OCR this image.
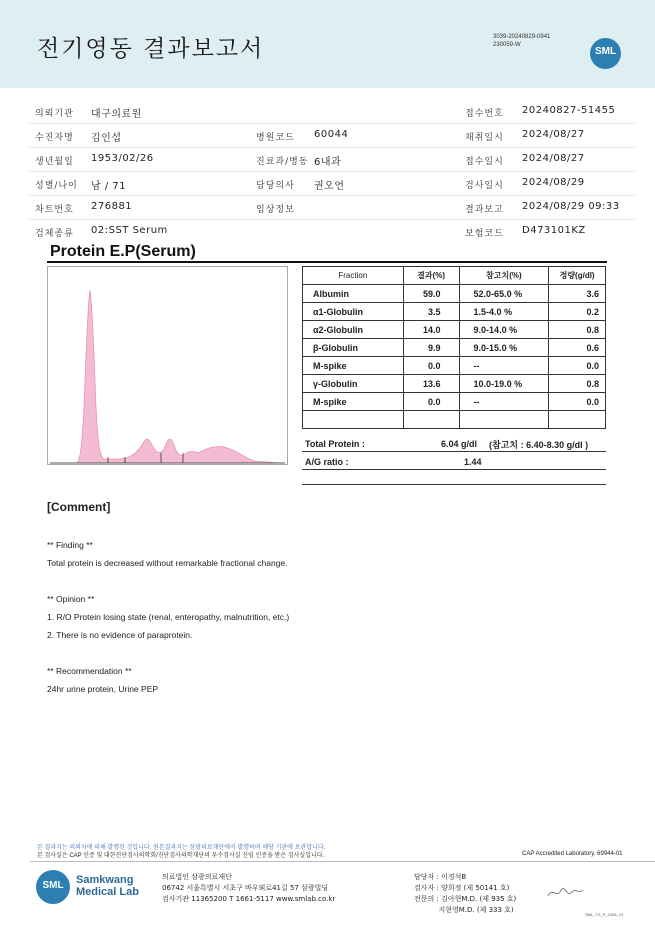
전기영동 결과보고서	3039-20240829-0941
230059-W
SML
의뢰기관 대구의료원	접수번호 20240827-51455
수진자명 김인섭	병원코드 60044	채취일시 2024/08/27
생년월일 1953/02/26	진료과/병동 6내과	접수일시 2024/08/27
성별/나이 남 / 71	담당의사 권오언	검사일시 2024/08/29
차트번호 276881	임상정보	결과보고 2024/08/29 09:33
검체종류 02:SST Serum	보험코드 D473101KZ
Protein E.P(Serum)
Fraction	결과(%)	참고치(%)	정량(g/dl)
Albumin	59.0	52.0-65.0 %	3.6
α1-Globulin	3.5	1.5-4.0 %	0.2
α2-Globulin	14.0	9.0-14.0 %	0.8
β-Globulin	9.9	9.0-15.0 %	0.6
M-spike	0.0	--	0.0
γ-Globulin	13.6	10.0-19.0 %	0.8
M-spike	0.0	--	0.0

Total Protein :	6.04 g/dl (참고치 : 6.40-8.30 g/dl )
A/G ratio :	1.44
[Comment]
** Finding **
Total protein is decreased without remarkable fractional change.
** Opinion **
1. R/O Protein losing state (renal, enteropathy, malnutrition, etc.)
2. There is no evidence of paraprotein.
** Recommendation **
24hr urine protein, Urine PEP
본 결과지는 의뢰자에 의해 발행된 것입니다. 원본결과지는 삼광의료재단에서 발행하며 해당 기관에 보관합니다.
본 검사실은 CAP 인증 및 대한진단검사의학회/진단검사의학재단의 우수검사실 신임 인증을 받은 검사실입니다.	CAP Accredited Laboratory. 69944-01
SML	Samkwang
Medical Lab
의료법인 삼광의료재단
06742 서울특별시 서초구 바우뫼로41길 57 삼광빌딩
검사기관 11365200 T 1661-5117 www.smlab.co.kr
담당자 : 이경석B
검사자 : 양희정 (제 50141 호)
전문의 : 김아현M.D. (제 935 호)
지현영M.D. (제 333 호)
SML_TS_P_2408_V1
